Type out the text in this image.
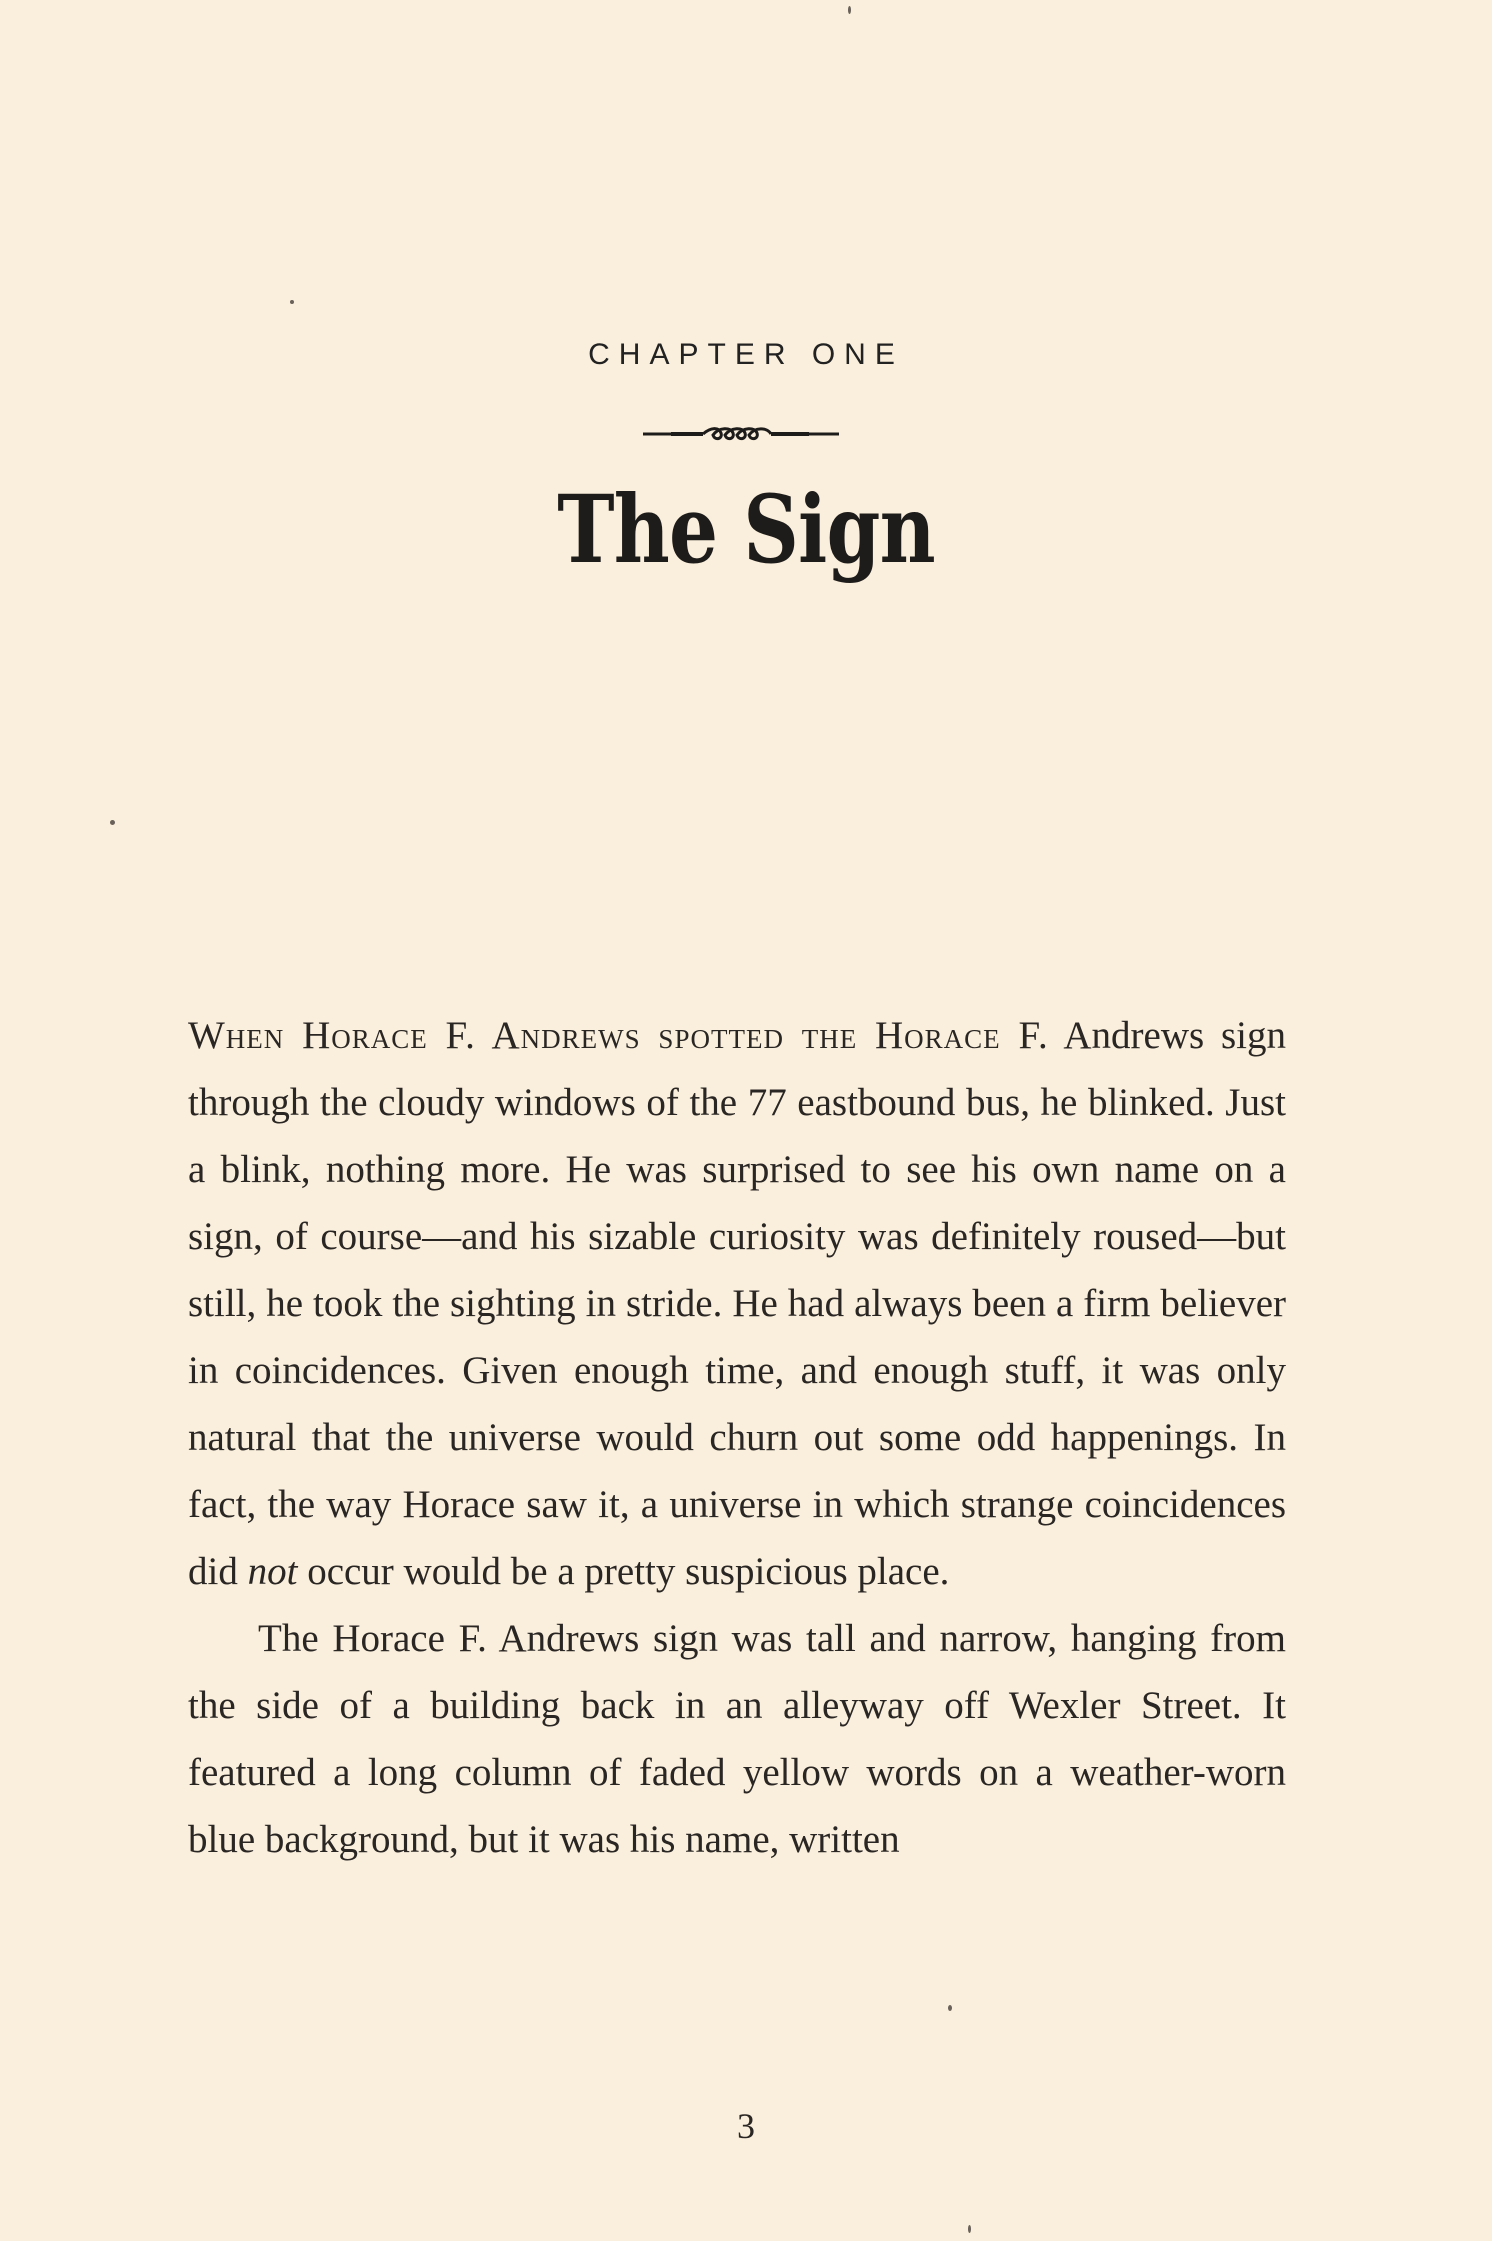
CHAPTER ONE
The Sign

When Horace F. Andrews spotted the Horace F. Andrews sign through the cloudy windows of the 77 eastbound bus, he blinked. Just a blink, nothing more. He was surprised to see his own name on a sign, of course—and his sizable curiosity was definitely roused—but still, he took the sighting in stride. He had always been a firm believer in coincidences. Given enough time, and enough stuff, it was only natural that the universe would churn out some odd happenings. In fact, the way Horace saw it, a universe in which strange coincidences did not occur would be a pretty suspicious place.

The Horace F. Andrews sign was tall and narrow, hanging from the side of a building back in an alleyway off Wexler Street. It featured a long column of faded yellow words on a weather-worn blue background, but it was his name, written

3
